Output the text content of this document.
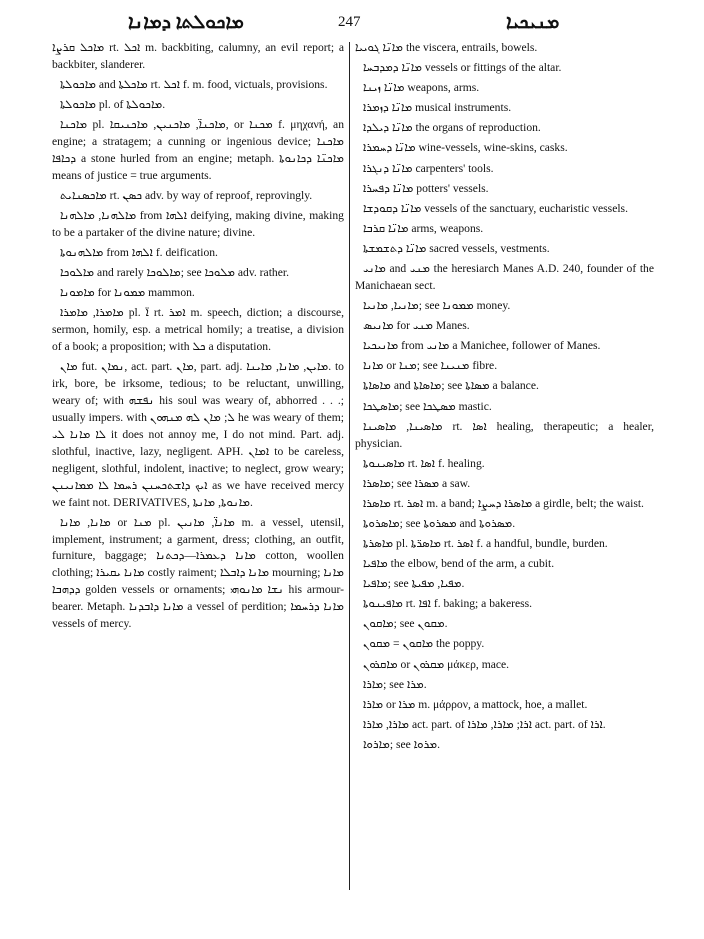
ܡܐܟܘܠܬܐ ܕܡܐܢܐ	247	ܡܢܝܟܝܐ

ܡܐܟܠ ܩܪܨܐ rt. ܐܟܠ m. backbiting, calumny, an evil report; a backbiter, slanderer.

ܡܐܟܘܠܬܐ and ܡܐܟܠܬܐ rt. ܐܟܠ f. m. food, victuals, provisions.

ܡܐܟܘܠܬܐ pl. of ܡܐܟܘܠܬܐ.

ܡܐܟܢܐ pl. ܡܐܟܢܐ̈, ܡܐܟܢܝܢ, ܡܐܟܢܝܩܐ, or ܡܟܢܐ f. μηχανή, an engine; a stratagem; a cunning or ingenious device; ܡܐܟܢܐ ܕܟܐܦܐ a stone hurled from an engine; metaph. ܡܐܟܢ̈ܐ ܕܟܐܢܘܬܐ means of justice = true arguments.

ܡܐܟܣܢܐܝܬ rt. ܟܣܢ adv. by way of reproof, reprovingly.

ܡܐܠܗܢܐ, ܡܐܠܗܢܐ from ܐܠܗܐ deifying, making divine, making to be a partaker of the divine nature; divine.

ܡܐܠܗܢܘܬܐ from ܐܠܗܐ f. deification.

ܡܐܠܘܟܐ and rarely ܡܐܠܘܟܐ; see ܡܠܘܟܐ adv. rather.

ܡܐܡܘܢܐ for ܡܡܘܢܐ mammon.

ܡܐܡܪܐ, ܡܐܡܪܐ pl. ܐ̈ rt. ܐܡܪ m. speech, diction; a discourse, sermon, homily, esp. a metrical homily; a treatise, a division of a book; a proposition; with ܟܠ a disputation.

ܡܐܢ fut. ܢܡܐܢ, act. part. ܡܐܢ, part. adj. ܡܐܝܢ, ܡܐܢܐ, ܡܐܝܢܐ. to irk, bore, be irksome, tedious; to be reluctant, unwilling, weary of; with ܢܦܫܗ his soul was weary of, abhorred . . .; usually impers. with ܠ; ܡܐܢ ܠܗ ܡܢܗܘܢ he was weary of them; ܠܐ ܡܐܢܐ ܠܝ it does not annoy me, I do not mind. Part. adj. slothful, inactive, lazy, negligent. APH. ܐܡܐܢ to be careless, negligent, slothful, indolent, inactive; to neglect, grow weary; ܐܝܟ ܕܐܫܬܟܚܢܢ ܪܚܡܐ ܠܐ ܡܡܐܢܝܢܢ as we have received mercy we faint not. DERIVATIVES, ܡܐܢܘܬܐ, ܡܐܢܬܐ.

ܡܐܢܐ, ܡܐܢܐ or ܡܢܐ pl. ܡܐܢܐ̈, ܡܐܢܝܢ m. a vessel, utensil, implement, instrument; a garment, dress; clothing, an outfit, furniture, baggage; ܡܐܢܐ ܕܥܡܪܐ—ܕܟܬܢܐ cotton, woollen clothing; ܡܐܢܐ ܝܩܝܪܐ costly raiment; ܡܐܢܐ ܕܐܒܠܐ mourning; ܡܐܢܐ ܕܕܗܒܐ golden vessels or ornaments; ܢܫܐ ܡܐܢܘܗܝ his armour-bearer. Metaph. ܡܐܢܐ ܕܐܒܕܢܐ a vessel of perdition; ܡܐܢܐ ܕܪܚܡܐ vessels of mercy.

ܡܐܢ̈ܐ ܓܘܝܝܐ the viscera, entrails, bowels.

ܡܐܢ̈ܐ ܕܡܕܒܚܐ vessels or fittings of the altar.

ܡܐܢ̈ܐ ܙܝܢܐ weapons, arms.

ܡܐܢ̈ܐ ܕܙܡܪܐ musical instruments.

ܡܐܢ̈ܐ ܕܝܠܕܐ the organs of reproduction.

ܡܐܢ̈ܐ ܕܚܡܪܐ wine-vessels, wine-skins, casks.

ܡܐܢ̈ܐ ܕܢܓܪܐ carpenters' tools.

ܡܐܢ̈ܐ ܕܦܚܪܐ potters' vessels.

ܡܐܢ̈ܐ ܕܩܘܕܫܐ vessels of the sanctuary, eucharistic vessels.

ܡܐܢ̈ܐ ܩܪܒܐ arms, weapons.

ܡܐܢ̈ܐ ܕܬܫܡܫܬܐ sacred vessels, vestments.

ܡܐܢܝ and ܡܢܝ the heresiarch Manes A.D. 240, founder of the Manichaean sect.

ܡܐܢܝܐ, ܡܐܢܝܐ; see ܡܡܘܢܐ money.

ܡܐܢܝܣ for ܡܢܝ Manes.

ܡܐܢܝܟܝܐ from ܡܐܢܝ a Manichee, follower of Manes.

ܡܐܢܐ or ܡܢܐ; see ܡܢܝܢܐ fibre.

ܡܐܣܐܬܐ and ܡܐܣܐܬܐ; see ܡܣܐܬܐ a balance.

ܡܐܣܛܟܐ; see ܡܣܛܟܐ mastic.

ܡܐܣܝܢܐ, ܡܐܣܝܢܐ rt. ܐܣܐ healing, therapeutic; a healer, physician.

ܡܐܣܝܢܘܬܐ rt. ܐܣܐ f. healing.

ܡܐܣܪܐ; see ܡܣܪܐ a saw.

ܡܐܣܪܐ rt. ܐܣܪ m. a band; ܡܐܣܪܐ ܕܚܨܐ a girdle, belt; the waist.

ܡܐܣܪܘܬܐ; see ܡܣܪܘܬܐ and ܡܣܪܘܬܐ.

ܡܐܣܪܬܐ pl. ܡܐܣܪ̈ܬܐ rt. ܐܣܪ f. a handful, bundle, burden.

ܡܐܦܝܐ the elbow, bend of the arm, a cubit.

ܡܐܦܝܐ; see ܡܦܝܐ, ܡܦܝܬܐ.

ܡܐܦܝܢܘܬܐ rt. ܐܦܐ f. baking; a bakeress.

ܡܐܩܘܢ; see ܡܩܘܢ.

ܡܐܩܘܢ = ܡܩܘܢ the poppy.

ܡܐܩܪܘܢ or ܡܩܪܘܢ μάκερ, mace.

ܡܐܪܐ; see ܡܪܐ.

ܡܐܪܐ or ܡܪܐ m. μάρρον, a mattock, hoe, a mallet.

ܡܐܪܐ, ܡܐܪܐ act. part. of ܐܪܐ; ܡܐܪܐ, ܡܐܪܐ act. part. of ܐܪܐ.

ܡܐܪܘܐ; see ܡܪܘܐ.
